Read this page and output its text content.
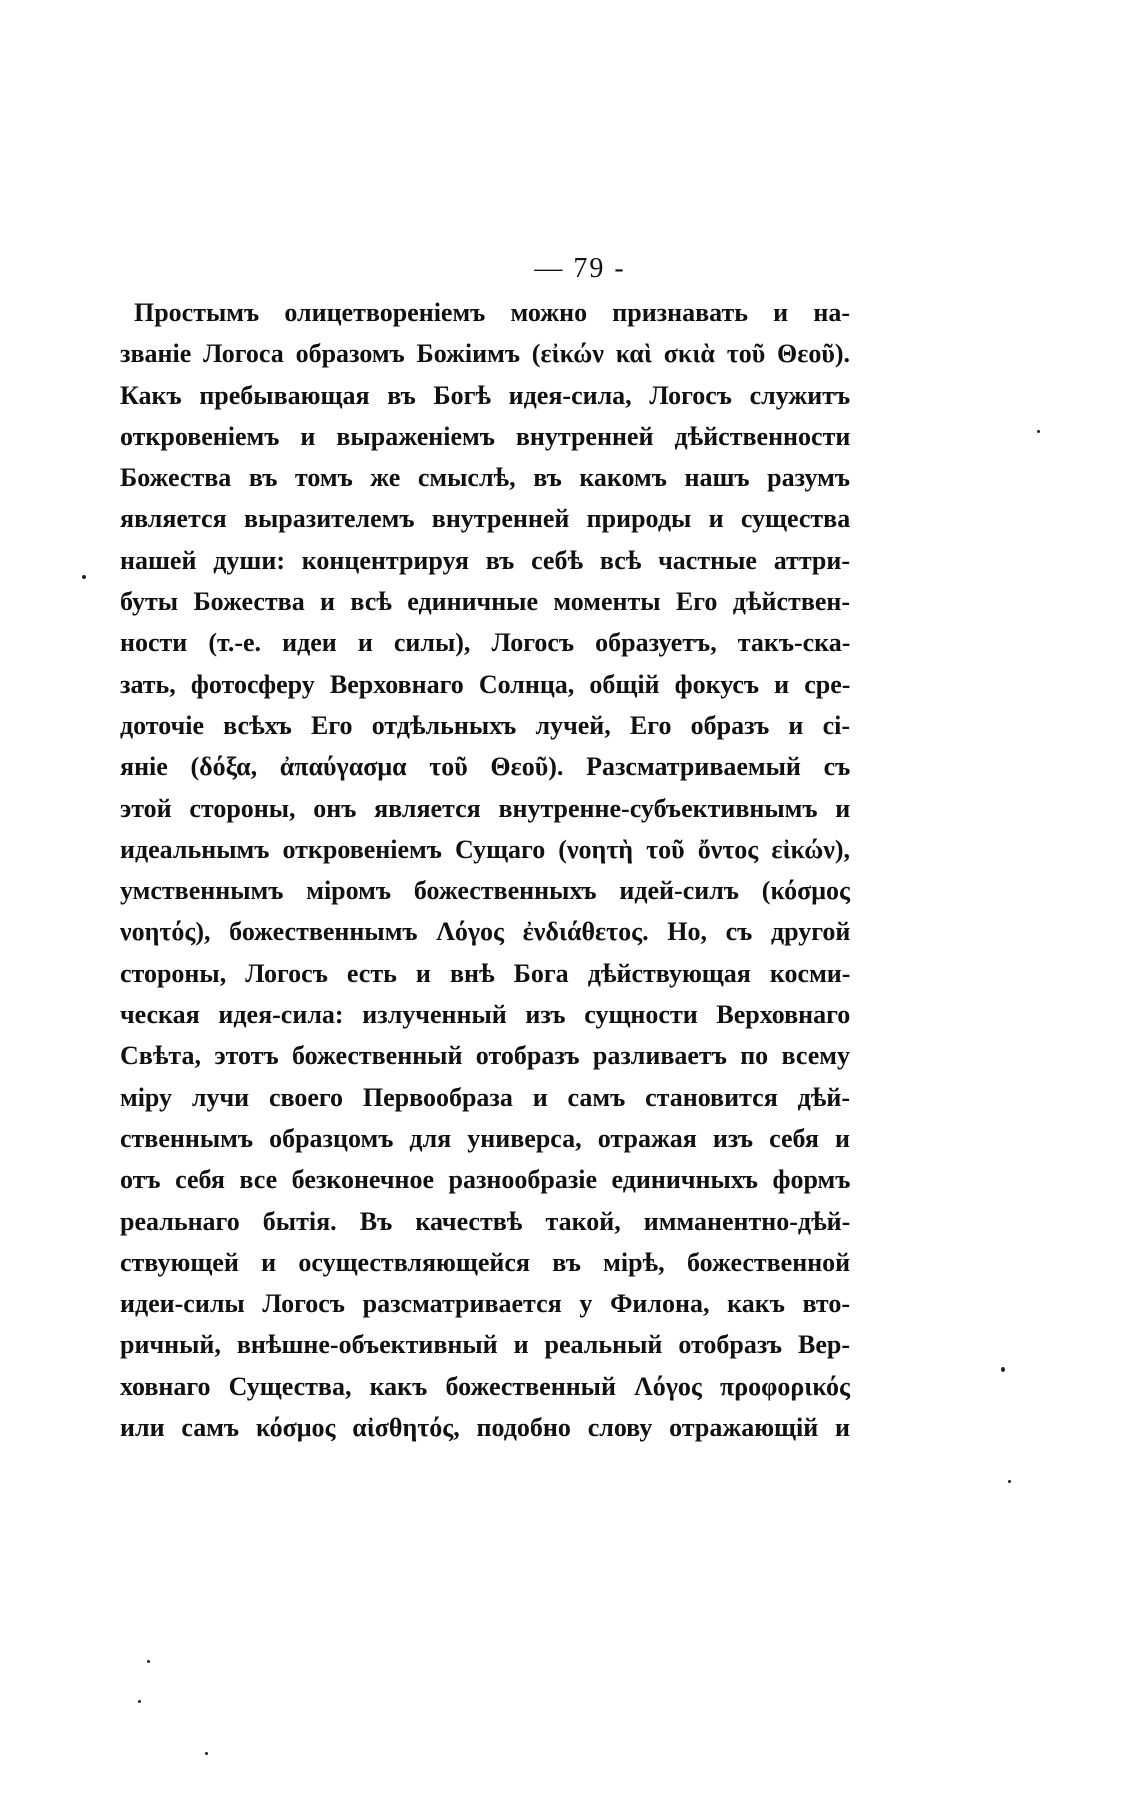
— 79 -
Простымъ олицетвореніемъ можно признавать и на-
званіе Логоса образомъ Божіимъ (εἰκών καὶ σκιὰ τοῦ Θεοῦ).
Какъ пребывающая въ Богѣ идея-сила, Логосъ служитъ
откровеніемъ и выраженіемъ внутренней дѣйственности
Божества въ томъ же смыслѣ, въ какомъ нашъ разумъ
является выразителемъ внутренней природы и существа
нашей души: концентрируя въ себѣ всѣ частные аттри-
буты Божества и всѣ единичные моменты Его дѣйствен-
ности (т.-е. идеи и силы), Логосъ образуетъ, такъ-ска-
зать, фотосферу Верховнаго Солнца, общій фокусъ и сре-
доточіе всѣхъ Его отдѣльныхъ лучей, Его образъ и сі-
яніе (δόξα, ἀπαύγασμα τοῦ Θεοῦ). Разсматриваемый съ
этой стороны, онъ является внутренне-субъективнымъ и
идеальнымъ откровеніемъ Сущаго (νοητὴ τοῦ ὄντος εἰκών),
умственнымъ міромъ божественныхъ идей-силъ (κόσμος
νοητός), божественнымъ Λόγος ἐνδιάθετος. Но, съ другой
стороны, Логосъ есть и внѣ Бога дѣйствующая косми-
ческая идея-сила: излученный изъ сущности Верховнаго
Свѣта, этотъ божественный отобразъ разливаетъ по всему
міру лучи своего Первообраза и самъ становится дѣй-
ственнымъ образцомъ для универса, отражая изъ себя и
отъ себя все безконечное разнообразіе единичныхъ формъ
реальнаго бытія. Въ качествѣ такой, имманентно-дѣй-
ствующей и осуществляющейся въ мірѣ, божественной
идеи-силы Логосъ разсматривается у Филона, какъ вто-
ричный, внѣшне-объективный и реальный отобразъ Вер-
ховнаго Существа, какъ божественный Λόγος προφορικός
или самъ κόσμος αἰσθητός, подобно слову отражающій и
